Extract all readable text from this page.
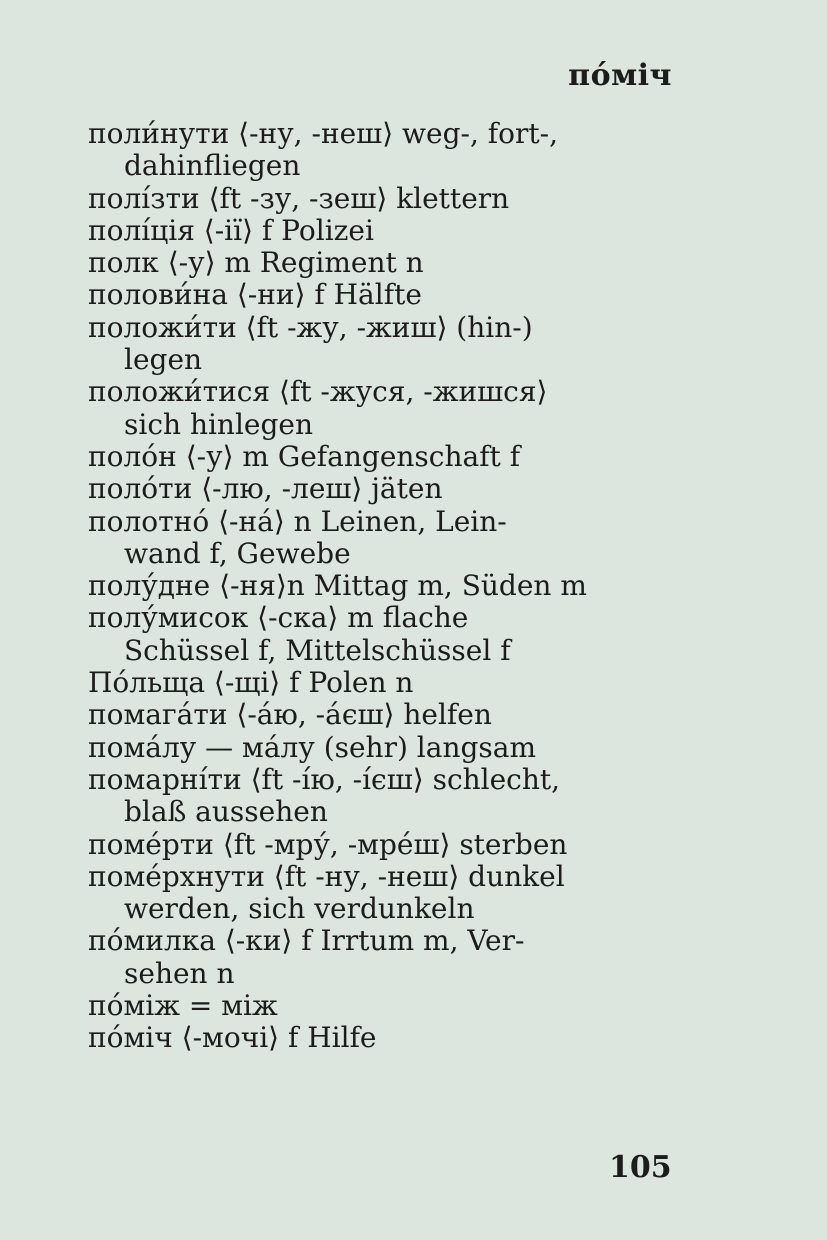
по́міч
поли́нути ⟨-ну, -неш⟩ weg-, fort-,
dahinfliegen
полі́зти ⟨ft -зу, -зеш⟩ klettern
полі́ція ⟨-ії⟩ f Polizei
полк ⟨-у⟩ m Regiment n
полови́на ⟨-ни⟩ f Hälfte
положи́ти ⟨ft -жу, -жиш⟩ (hin-)
legen
положи́тися ⟨ft -жуся, -жишся⟩
sich hinlegen
поло́н ⟨-у⟩ m Gefangenschaft f
поло́ти ⟨-лю, -леш⟩ jäten
полотно́ ⟨-на́⟩ n Leinen, Lein-
wand f, Gewebe
полу́дне ⟨-ня⟩n Mittag m, Süden m
полу́мисок ⟨-ска⟩ m flache
Schüssel f, Mittelschüssel f
По́льща ⟨-щі⟩ f Polen n
помага́ти ⟨-а́ю, -а́єш⟩ helfen
пома́лу — ма́лу (sehr) langsam
помарні́ти ⟨ft -і́ю, -і́єш⟩ schlecht,
blaß aussehen
поме́рти ⟨ft -мру́, -мре́ш⟩ sterben
поме́рхнути ⟨ft -ну, -неш⟩ dunkel
werden, sich verdunkeln
по́милка ⟨-ки⟩ f Irrtum m, Ver-
sehen n
по́між = між
по́міч ⟨-мочі⟩ f Hilfe
105
